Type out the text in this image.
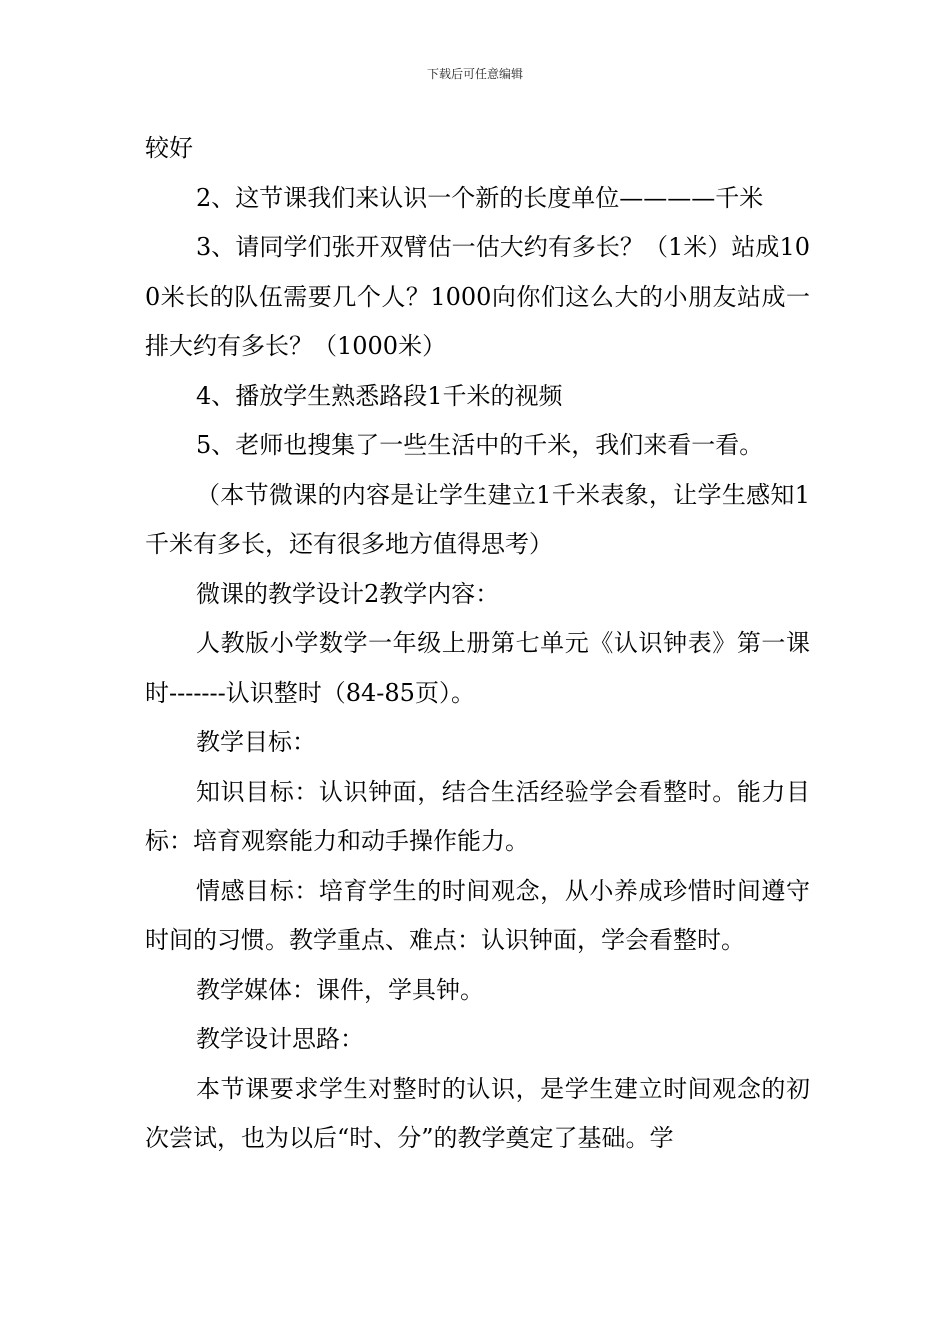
下载后可任意编辑

较好

2、这节课我们来认识一个新的长度单位————千米

3、请同学们张开双臂估一估大约有多长？（1米）站成100米长的队伍需要几个人？1000向你们这么大的小朋友站成一排大约有多长？（1000米）

4、播放学生熟悉路段1千米的视频

5、老师也搜集了一些生活中的千米，我们来看一看。

（本节微课的内容是让学生建立1千米表象，让学生感知1千米有多长，还有很多地方值得思考）

微课的教学设计2教学内容：

人教版小学数学一年级上册第七单元《认识钟表》第一课时-------认识整时（84-85页）。

教学目标：

知识目标：认识钟面，结合生活经验学会看整时。能力目标：培育观察能力和动手操作能力。

情感目标：培育学生的时间观念，从小养成珍惜时间遵守时间的习惯。教学重点、难点：认识钟面，学会看整时。

教学媒体：课件，学具钟。

教学设计思路：

本节课要求学生对整时的认识，是学生建立时间观念的初次尝试，也为以后“时、分”的教学奠定了基础。学
